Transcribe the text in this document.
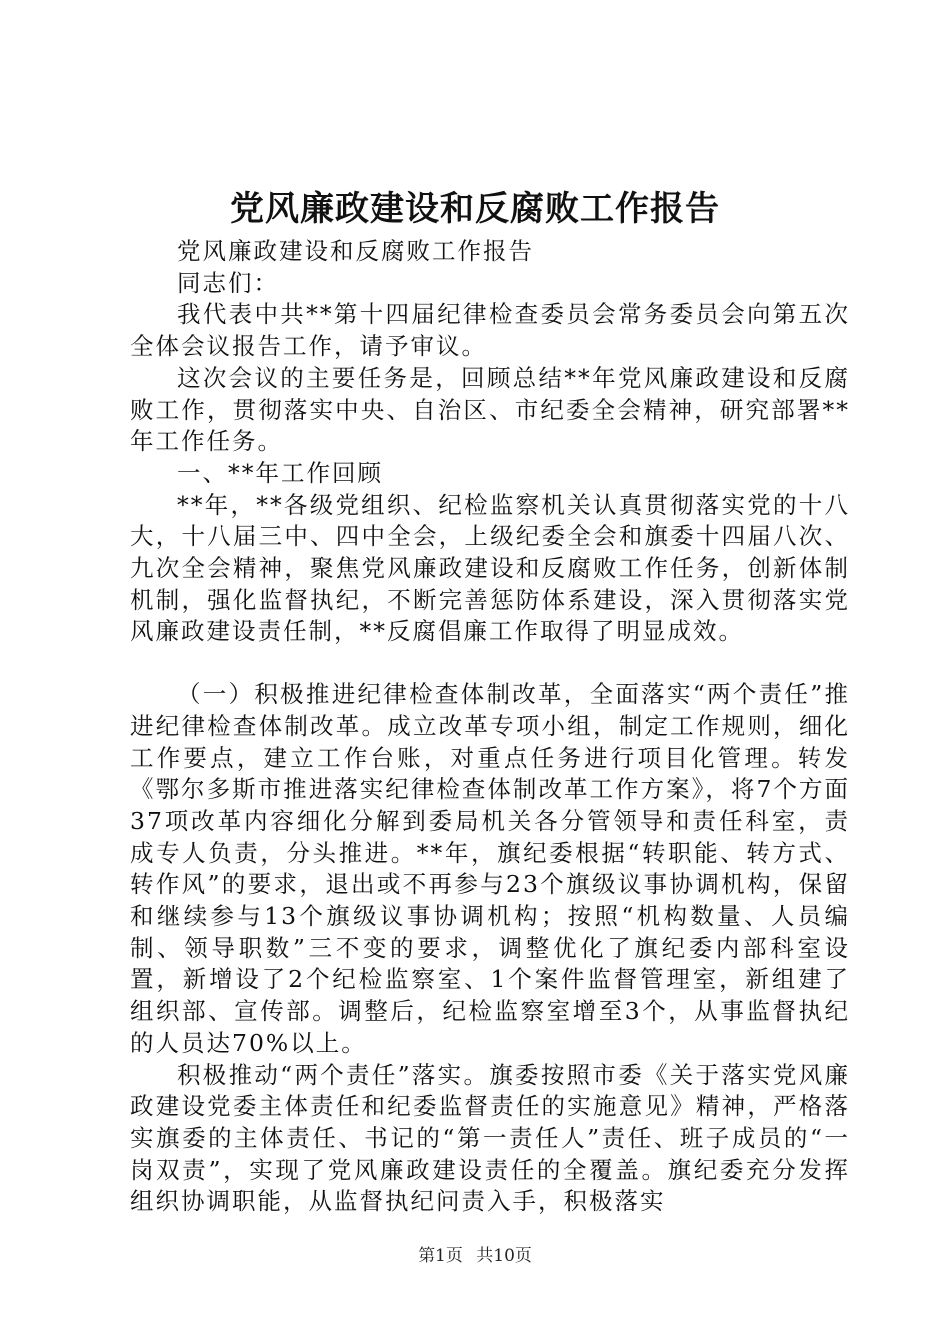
党风廉政建设和反腐败工作报告

党风廉政建设和反腐败工作报告

同志们：

我代表中共**第十四届纪律检查委员会常务委员会向第五次全体会议报告工作，请予审议。

这次会议的主要任务是，回顾总结**年党风廉政建设和反腐败工作，贯彻落实中央、自治区、市纪委全会精神，研究部署**年工作任务。

一、**年工作回顾

**年，**各级党组织、纪检监察机关认真贯彻落实党的十八大，十八届三中、四中全会，上级纪委全会和旗委十四届八次、九次全会精神，聚焦党风廉政建设和反腐败工作任务，创新体制机制，强化监督执纪，不断完善惩防体系建设，深入贯彻落实党风廉政建设责任制，**反腐倡廉工作取得了明显成效。

（一）积极推进纪律检查体制改革，全面落实“两个责任”推进纪律检查体制改革。成立改革专项小组，制定工作规则，细化工作要点，建立工作台账，对重点任务进行项目化管理。转发《鄂尔多斯市推进落实纪律检查体制改革工作方案》，将7个方面37项改革内容细化分解到委局机关各分管领导和责任科室，责成专人负责，分头推进。**年，旗纪委根据“转职能、转方式、转作风”的要求，退出或不再参与23个旗级议事协调机构，保留和继续参与13个旗级议事协调机构；按照“机构数量、人员编制、领导职数”三不变的要求，调整优化了旗纪委内部科室设置，新增设了2个纪检监察室、1个案件监督管理室，新组建了组织部、宣传部。调整后，纪检监察室增至3个，从事监督执纪的人员达70%以上。

积极推动“两个责任”落实。旗委按照市委《关于落实党风廉政建设党委主体责任和纪委监督责任的实施意见》精神，严格落实旗委的主体责任、书记的“第一责任人”责任、班子成员的“一岗双责”，实现了党风廉政建设责任的全覆盖。旗纪委充分发挥组织协调职能，从监督执纪问责入手，积极落实

第1页 共10页
